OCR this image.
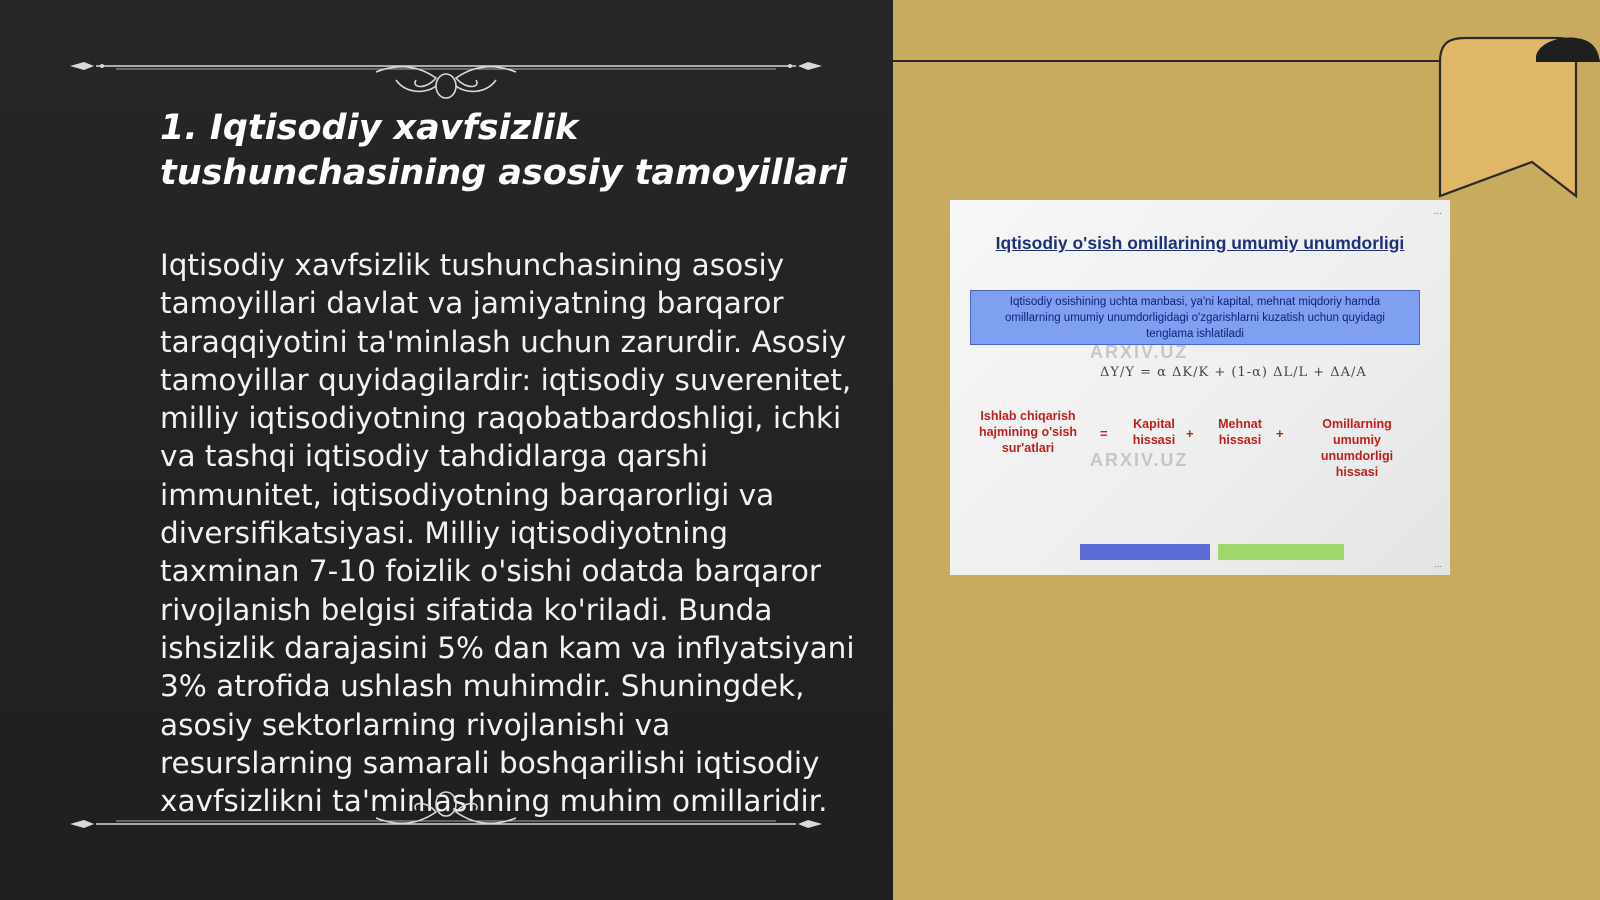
1. Iqtisodiy xavfsizlik tushunchasining asosiy tamoyillari

Iqtisodiy xavfsizlik tushunchasining asosiy tamoyillari davlat va jamiyatning barqaror taraqqiyotini ta'minlash uchun zarurdir. Asosiy tamoyillar quyidagilardir: iqtisodiy suverenitet, milliy iqtisodiyotning raqobatbardoshligi, ichki va tashqi iqtisodiy tahdidlarga qarshi immunitet, iqtisodiyotning barqarorligi va diversifikatsiyasi. Milliy iqtisodiyotning taxminan 7-10 foizlik o'sishi odatda barqaror rivojlanish belgisi sifatida ko'riladi. Bunda ishsizlik darajasini 5% dan kam va inflyatsiyani 3% atrofida ushlash muhimdir. Shuningdek, asosiy sektorlarning rivojlanishi va resurslarning samarali boshqarilishi iqtisodiy xavfsizlikni ta'minlashning muhim omillaridir.

...
Iqtisodiy o'sish omillarining umumiy unumdorligi
Iqtisodiy osishining uchta manbasi, ya'ni kapital, mehnat miqdoriy hamda omillarning umumiy unumdorligidagi o'zgarishlarni kuzatish uchun quyidagi tenglama ishlatiladi
ARXIV.UZ
ΔY/Y = α ΔK/K + (1-α) ΔL/L + ΔA/A
Ishlab chiqarish hajmining o'sish sur'atlari
=
Kapital hissasi +
Mehnat hissasi	+
Omillarning umumiy unumdorligi hissasi
ARXIV.UZ
...
